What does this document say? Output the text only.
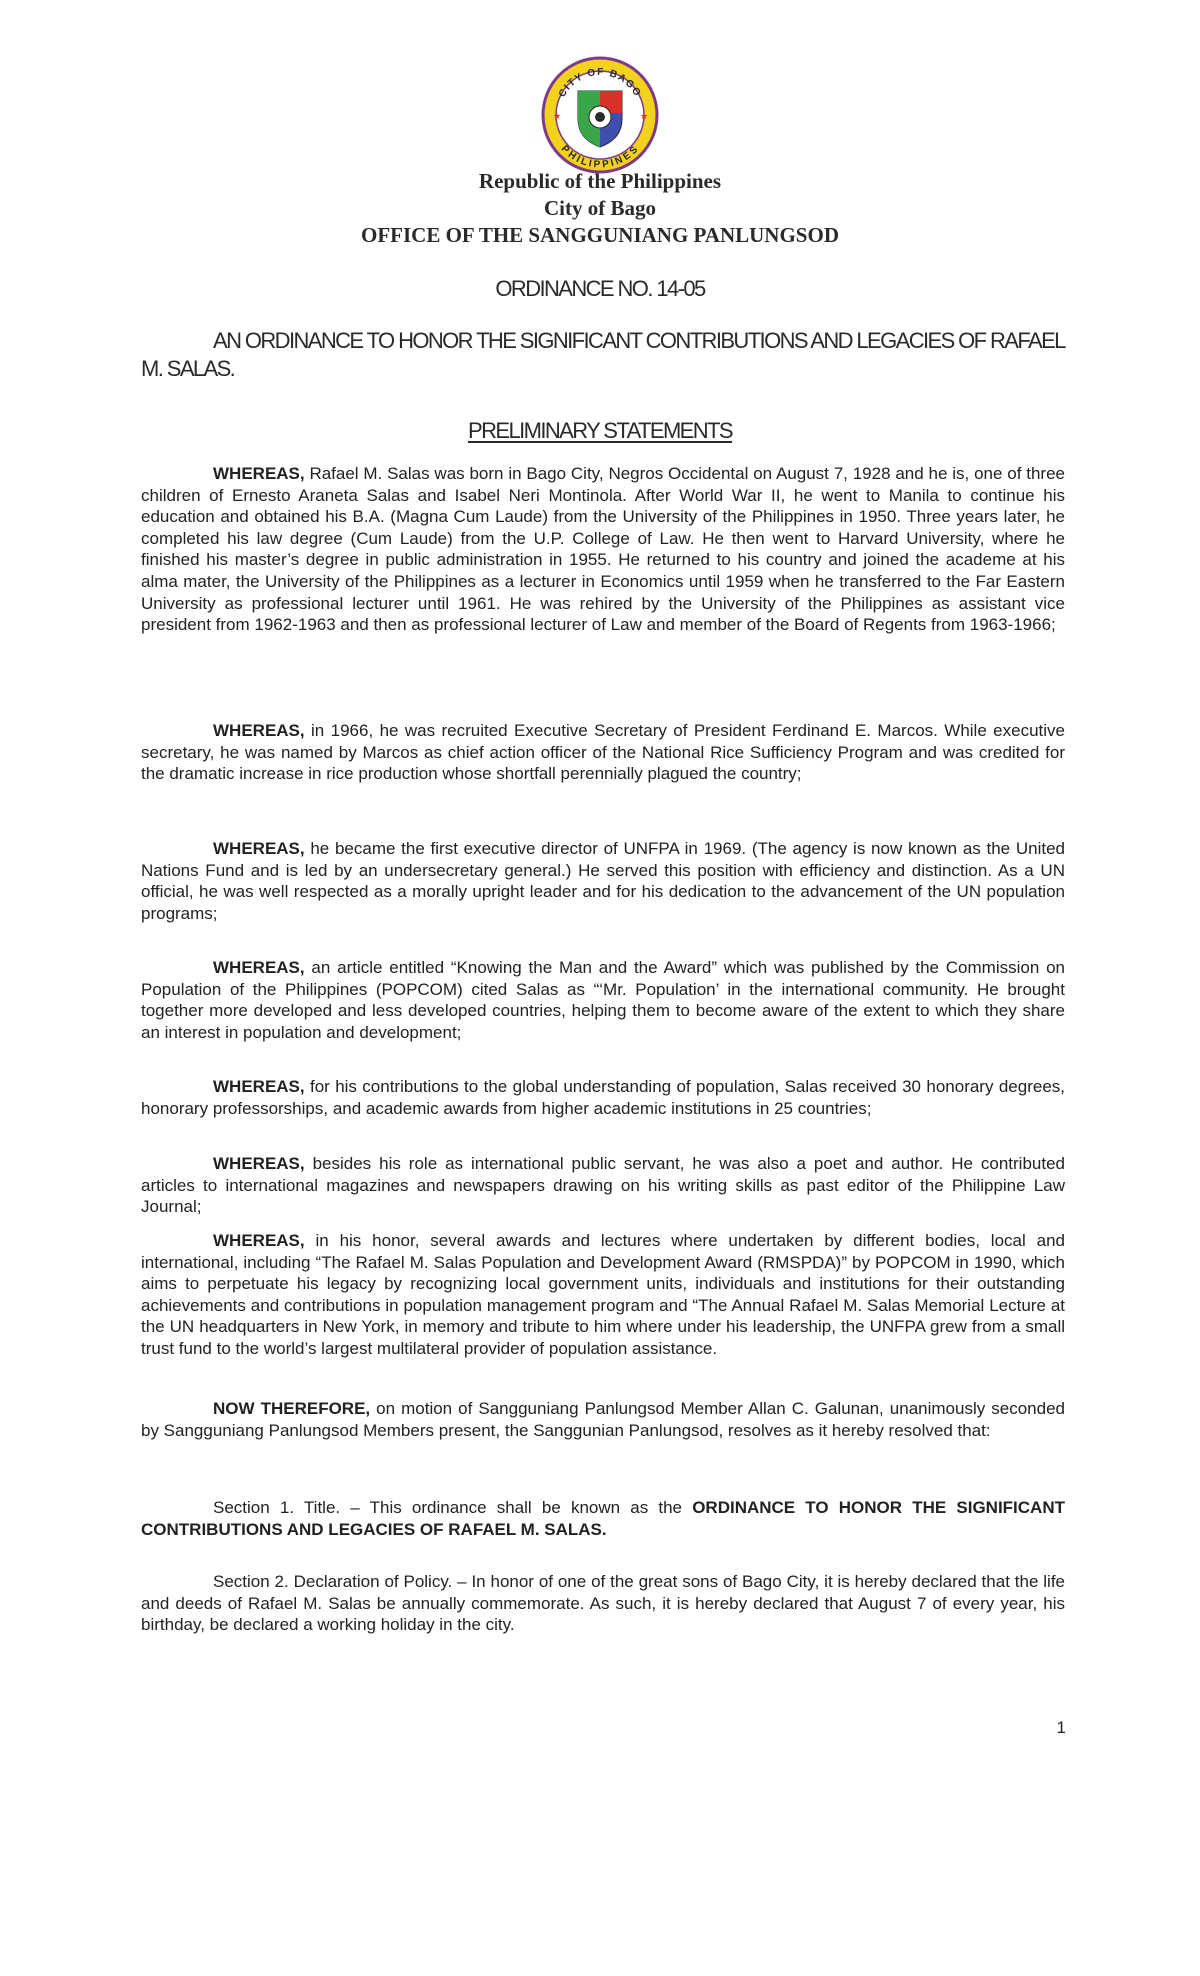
CITY OF BAGO
PHILIPPINES
★	★
Republic of the Philippines
City of Bago
OFFICE OF THE SANGGUNIANG PANLUNGSOD
ORDINANCE NO. 14-05
AN ORDINANCE TO HONOR THE SIGNIFICANT CONTRIBUTIONS AND LEGACIES OF RAFAEL M. SALAS.
PRELIMINARY STATEMENTS

WHEREAS, Rafael M. Salas was born in Bago City, Negros Occidental on August 7, 1928 and he is, one of three children of Ernesto Araneta Salas and Isabel Neri Montinola. After World War II, he went to Manila to continue his education and obtained his B.A. (Magna Cum Laude) from the University of the Philippines in 1950. Three years later, he completed his law degree (Cum Laude) from the U.P. College of Law. He then went to Harvard University, where he finished his master’s degree in public administration in 1955. He returned to his country and joined the academe at his alma mater, the University of the Philippines as a lecturer in Economics until 1959 when he transferred to the Far Eastern University as professional lecturer until 1961. He was rehired by the University of the Philippines as assistant vice president from 1962-1963 and then as professional lecturer of Law and member of the Board of Regents from 1963-1966;

WHEREAS, in 1966, he was recruited Executive Secretary of President Ferdinand E. Marcos. While executive secretary, he was named by Marcos as chief action officer of the National Rice Sufficiency Program and was credited for the dramatic increase in rice production whose shortfall perennially plagued the country;

WHEREAS, he became the first executive director of UNFPA in 1969. (The agency is now known as the United Nations Fund and is led by an undersecretary general.) He served this position with efficiency and distinction. As a UN official, he was well respected as a morally upright leader and for his dedication to the advancement of the UN population programs;

WHEREAS, an article entitled “Knowing the Man and the Award” which was published by the Commission on Population of the Philippines (POPCOM) cited Salas as “‘Mr. Population’ in the international community. He brought together more developed and less developed countries, helping them to become aware of the extent to which they share an interest in population and development;

WHEREAS, for his contributions to the global understanding of population, Salas received 30 honorary degrees, honorary professorships, and academic awards from higher academic institutions in 25 countries;

WHEREAS, besides his role as international public servant, he was also a poet and author. He contributed articles to international magazines and newspapers drawing on his writing skills as past editor of the Philippine Law Journal;

WHEREAS, in his honor, several awards and lectures where undertaken by different bodies, local and international, including “The Rafael M. Salas Population and Development Award (RMSPDA)” by POPCOM in 1990, which aims to perpetuate his legacy by recognizing local government units, individuals and institutions for their outstanding achievements and contributions in population management program and “The Annual Rafael M. Salas Memorial Lecture at the UN headquarters in New York, in memory and tribute to him where under his leadership, the UNFPA grew from a small trust fund to the world’s largest multilateral provider of population assistance.

NOW THEREFORE, on motion of Sangguniang Panlungsod Member Allan C. Galunan, unanimously seconded by Sangguniang Panlungsod Members present, the Sanggunian Panlungsod, resolves as it hereby resolved that:

Section 1. Title. – This ordinance shall be known as the ORDINANCE TO HONOR THE SIGNIFICANT CONTRIBUTIONS AND LEGACIES OF RAFAEL M. SALAS.

Section 2. Declaration of Policy. – In honor of one of the great sons of Bago City, it is hereby declared that the life and deeds of Rafael M. Salas be annually commemorate. As such, it is hereby declared that August 7 of every year, his birthday, be declared a working holiday in the city.

1
